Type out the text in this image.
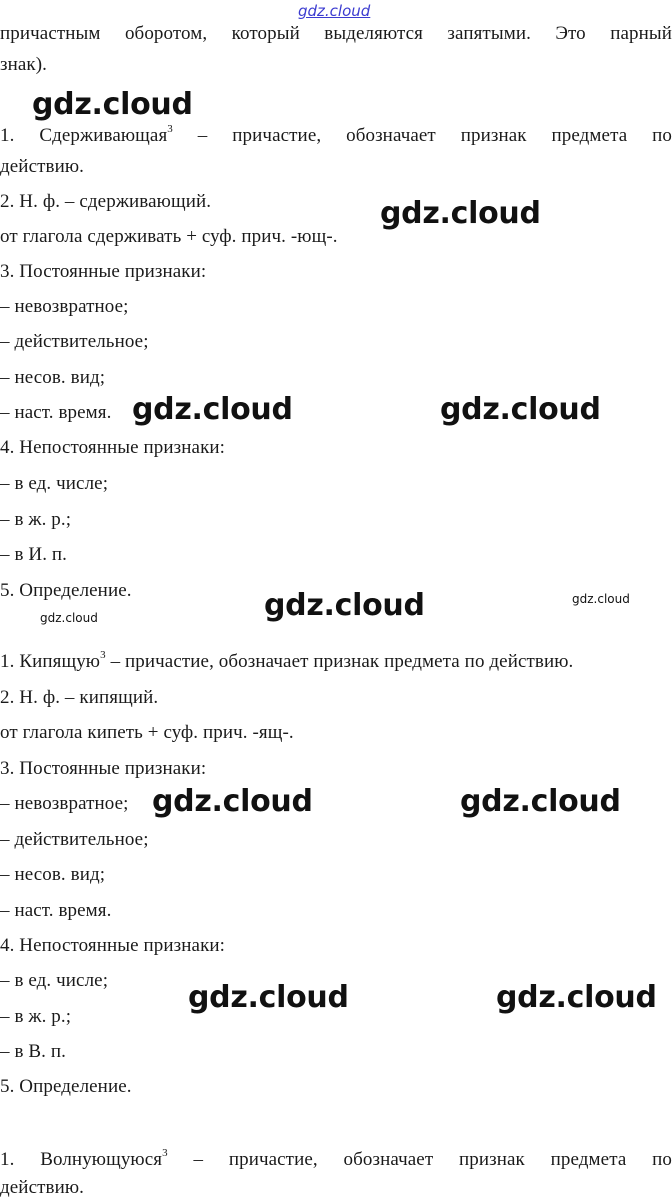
gdz.cloud
причастным оборотом, который выделяются запятыми. Это парный
знак).
1. Сдерживающая$^3$ – причастие, обозначает признак предмета по
действию.
2. Н. ф. – сдерживающий.
от глагола сдерживать + суф. прич. -ющ-.
3. Постоянные признаки:
– невозвратное;
– действительное;
– несов. вид;
– наст. время.
4. Непостоянные признаки:
– в ед. числе;
– в ж. р.;
– в И. п.
5. Определение.
1. Кипящую$^3$ – причастие, обозначает признак предмета по действию.
2. Н. ф. – кипящий.
от глагола кипеть + суф. прич. -ящ-.
3. Постоянные признаки:
– невозвратное;
– действительное;
– несов. вид;
– наст. время.
4. Непостоянные признаки:
– в ед. числе;
– в ж. р.;
– в В. п.
5. Определение.
1. Волнующуюся$^3$ – причастие, обозначает признак предмета по
действию.
gdz.cloud
gdz.cloud
gdz.cloud	gdz.cloud
gdz.cloud
gdz.cloud
gdz.cloud
gdz.cloud	gdz.cloud
gdz.cloud	gdz.cloud
